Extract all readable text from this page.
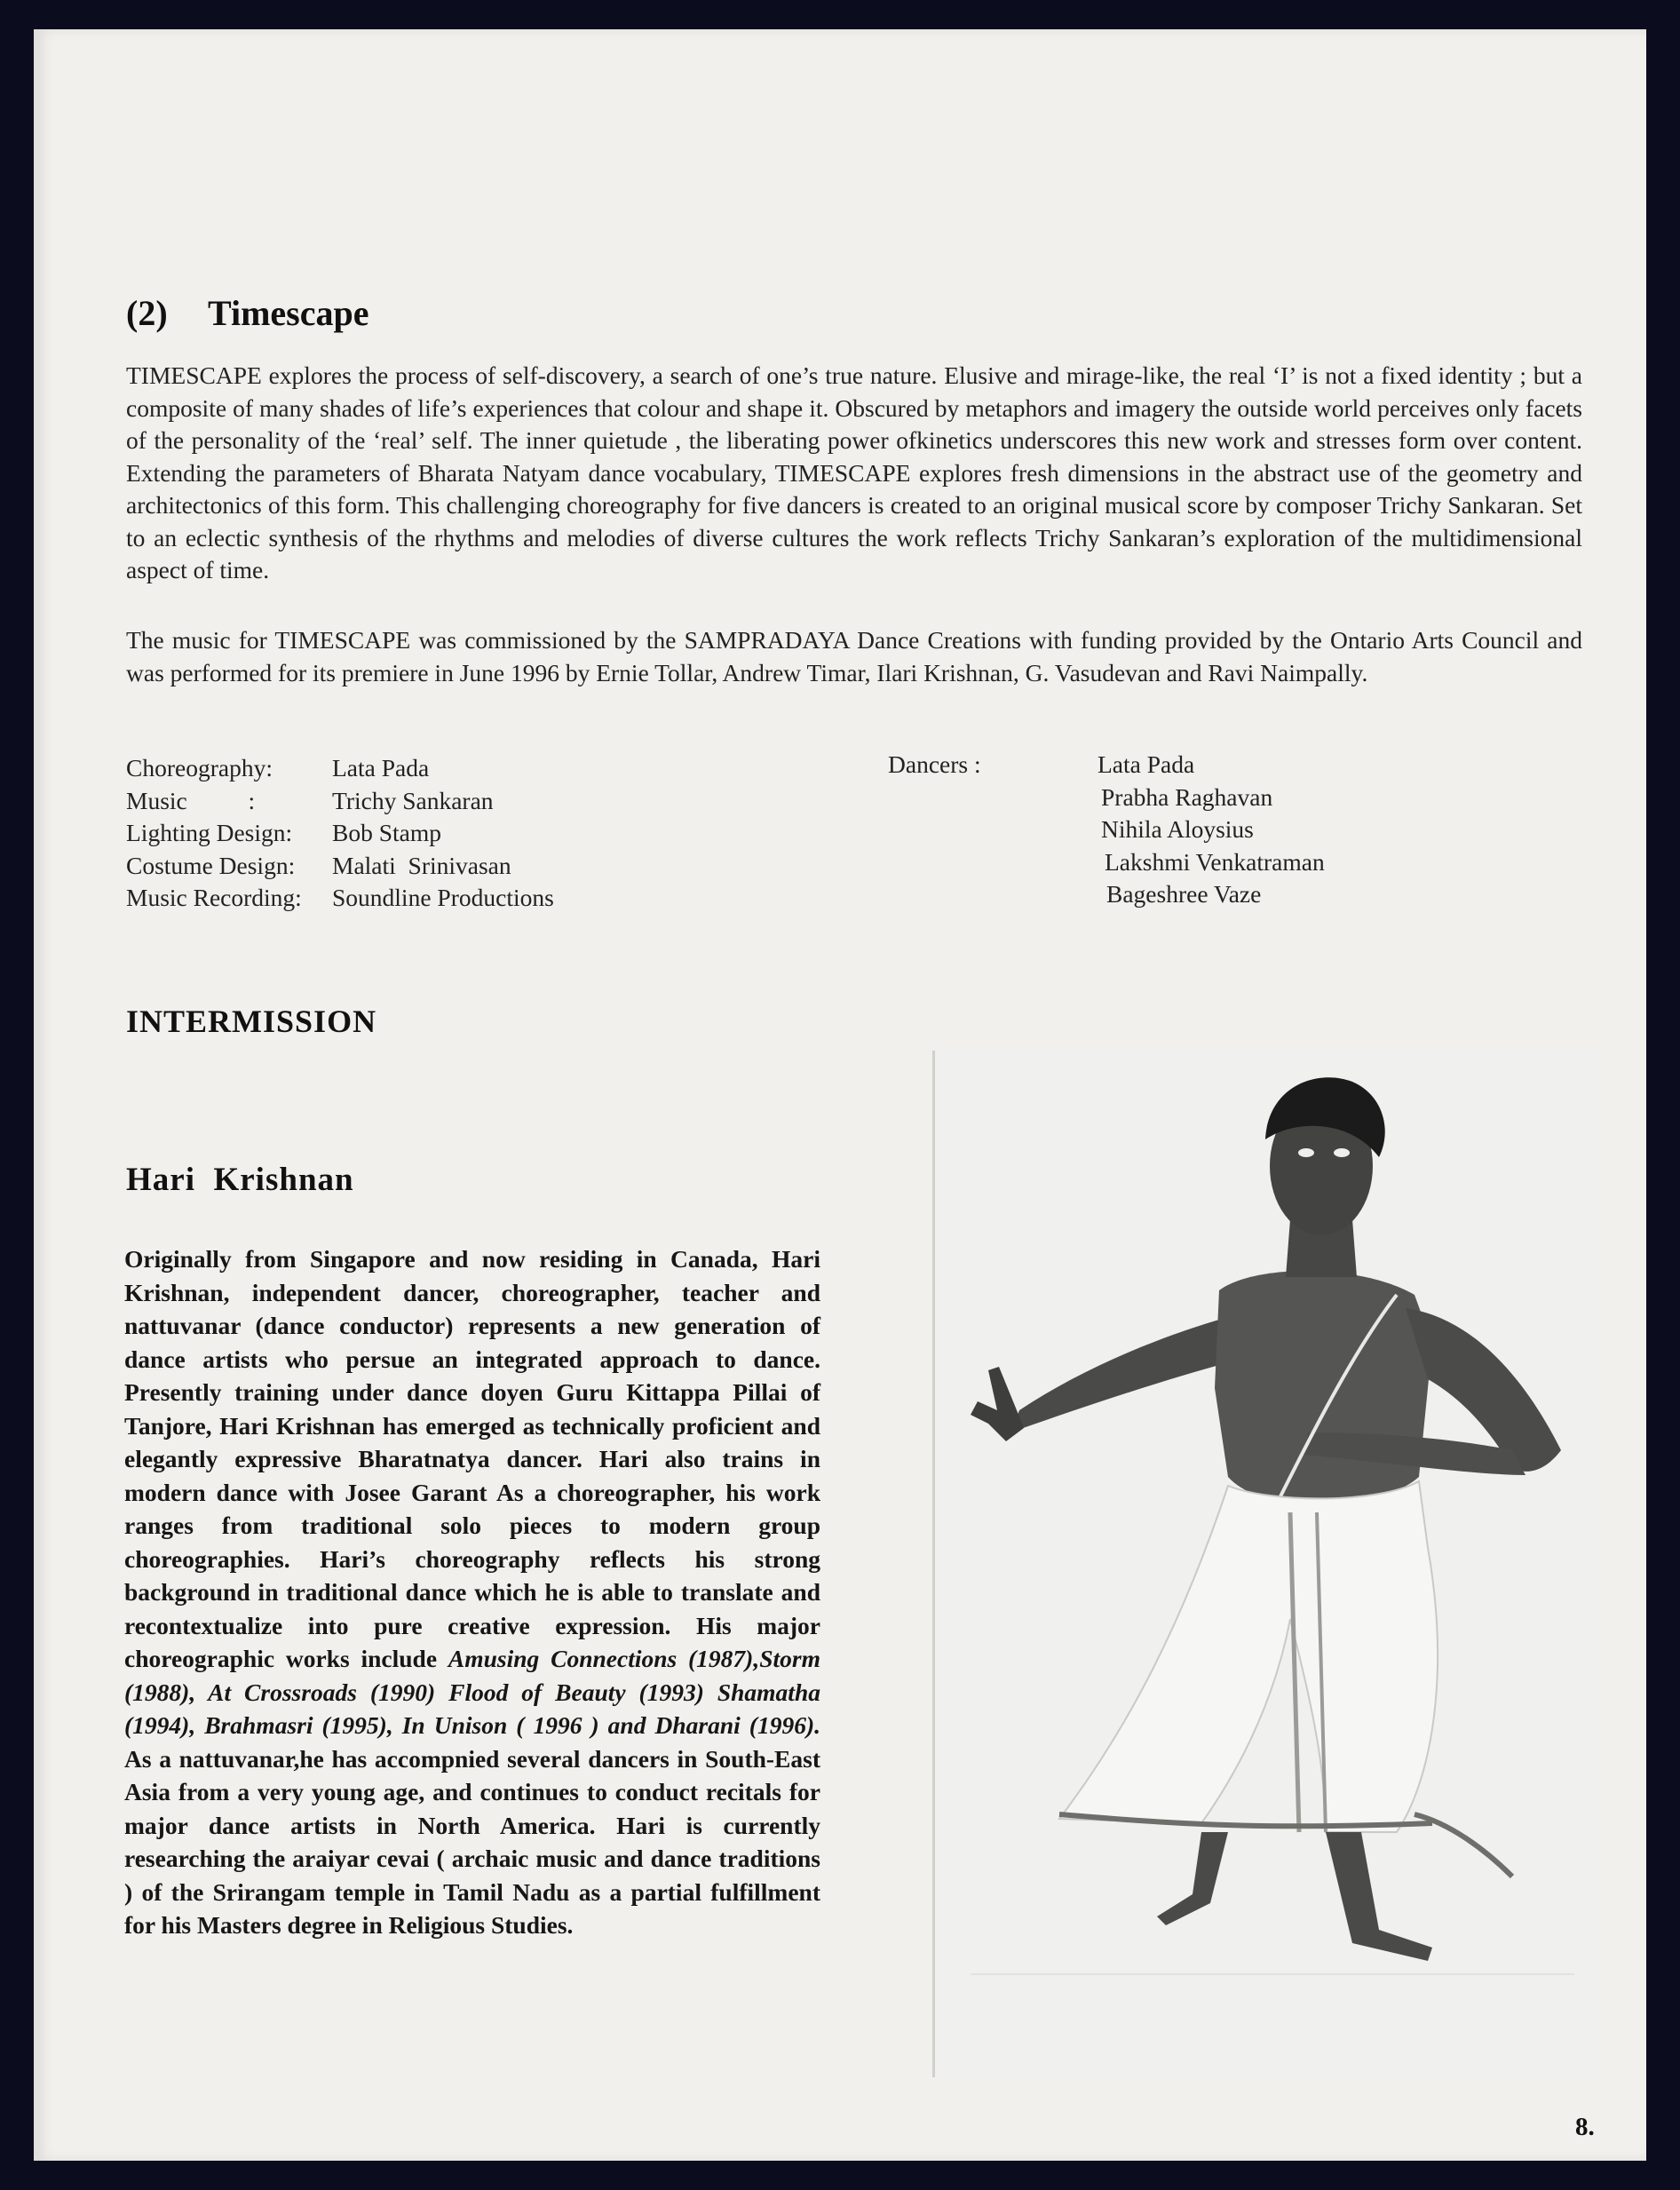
(2) Timescape

TIMESCAPE explores the process of self-discovery, a search of one’s true nature. Elusive and mirage-like, the real ‘I’ is not a fixed identity ; but a composite of many shades of life’s experiences that colour and shape it. Obscured by metaphors and imagery the outside world perceives only facets of the personality of the ‘real’ self. The inner quietude , the liberating power ofkinetics underscores this new work and stresses form over content. Extending the parameters of Bharata Natyam dance vocabulary, TIMESCAPE explores fresh dimensions in the abstract use of the geometry and architectonics of this form. This challenging choreography for five dancers is created to an original musical score by composer Trichy Sankaran. Set to an eclectic synthesis of the rhythms and melodies of diverse cultures the work reflects Trichy Sankaran’s exploration of the multidimensional aspect of time.

The music for TIMESCAPE was commissioned by the SAMPRADAYA Dance Creations with funding provided by the Ontario Arts Council and was performed for its premiere in June 1996 by Ernie Tollar, Andrew Timar, Ilari Krishnan, G. Vasudevan and Ravi Naimpally.

Choreography:	Lata Pada
Music          :	Trichy Sankaran
Lighting Design:	Bob Stamp
Costume Design:	Malati  Srinivasan
Music Recording:	Soundline Productions
Dancers :	Lata Pada
Prabha Raghavan
Nihila Aloysius
Lakshmi Venkatraman
Bageshree Vaze
INTERMISSION
Hari  Krishnan

Originally from Singapore and now residing in Canada, Hari Krishnan, independent dancer, choreographer, teacher and nattuvanar (dance conductor) represents a new generation of dance artists who persue an integrated approach to dance. Presently training under dance doyen Guru Kittappa Pillai of Tanjore, Hari Krishnan has emerged as technically proficient and elegantly expressive Bharatnatya dancer. Hari also trains in modern dance with Josee Garant As a choreographer, his work ranges from traditional solo pieces to modern group choreographies. Hari’s choreography reflects his strong background in traditional dance which he is able to translate and recontextualize into pure creative expression. His major choreographic works include Amusing Connections (1987),Storm (1988), At Crossroads (1990) Flood of Beauty (1993) Shamatha (1994), Brahmasri (1995), In Unison ( 1996 ) and Dharani (1996). As a nattuvanar,he has accompnied several dancers in South-East Asia from a very young age, and continues to conduct recitals for major dance artists in North America. Hari is currently researching the araiyar cevai ( archaic music and dance traditions ) of the Srirangam temple in Tamil Nadu as a partial fulfillment for his Masters degree in Religious Studies.

8.
